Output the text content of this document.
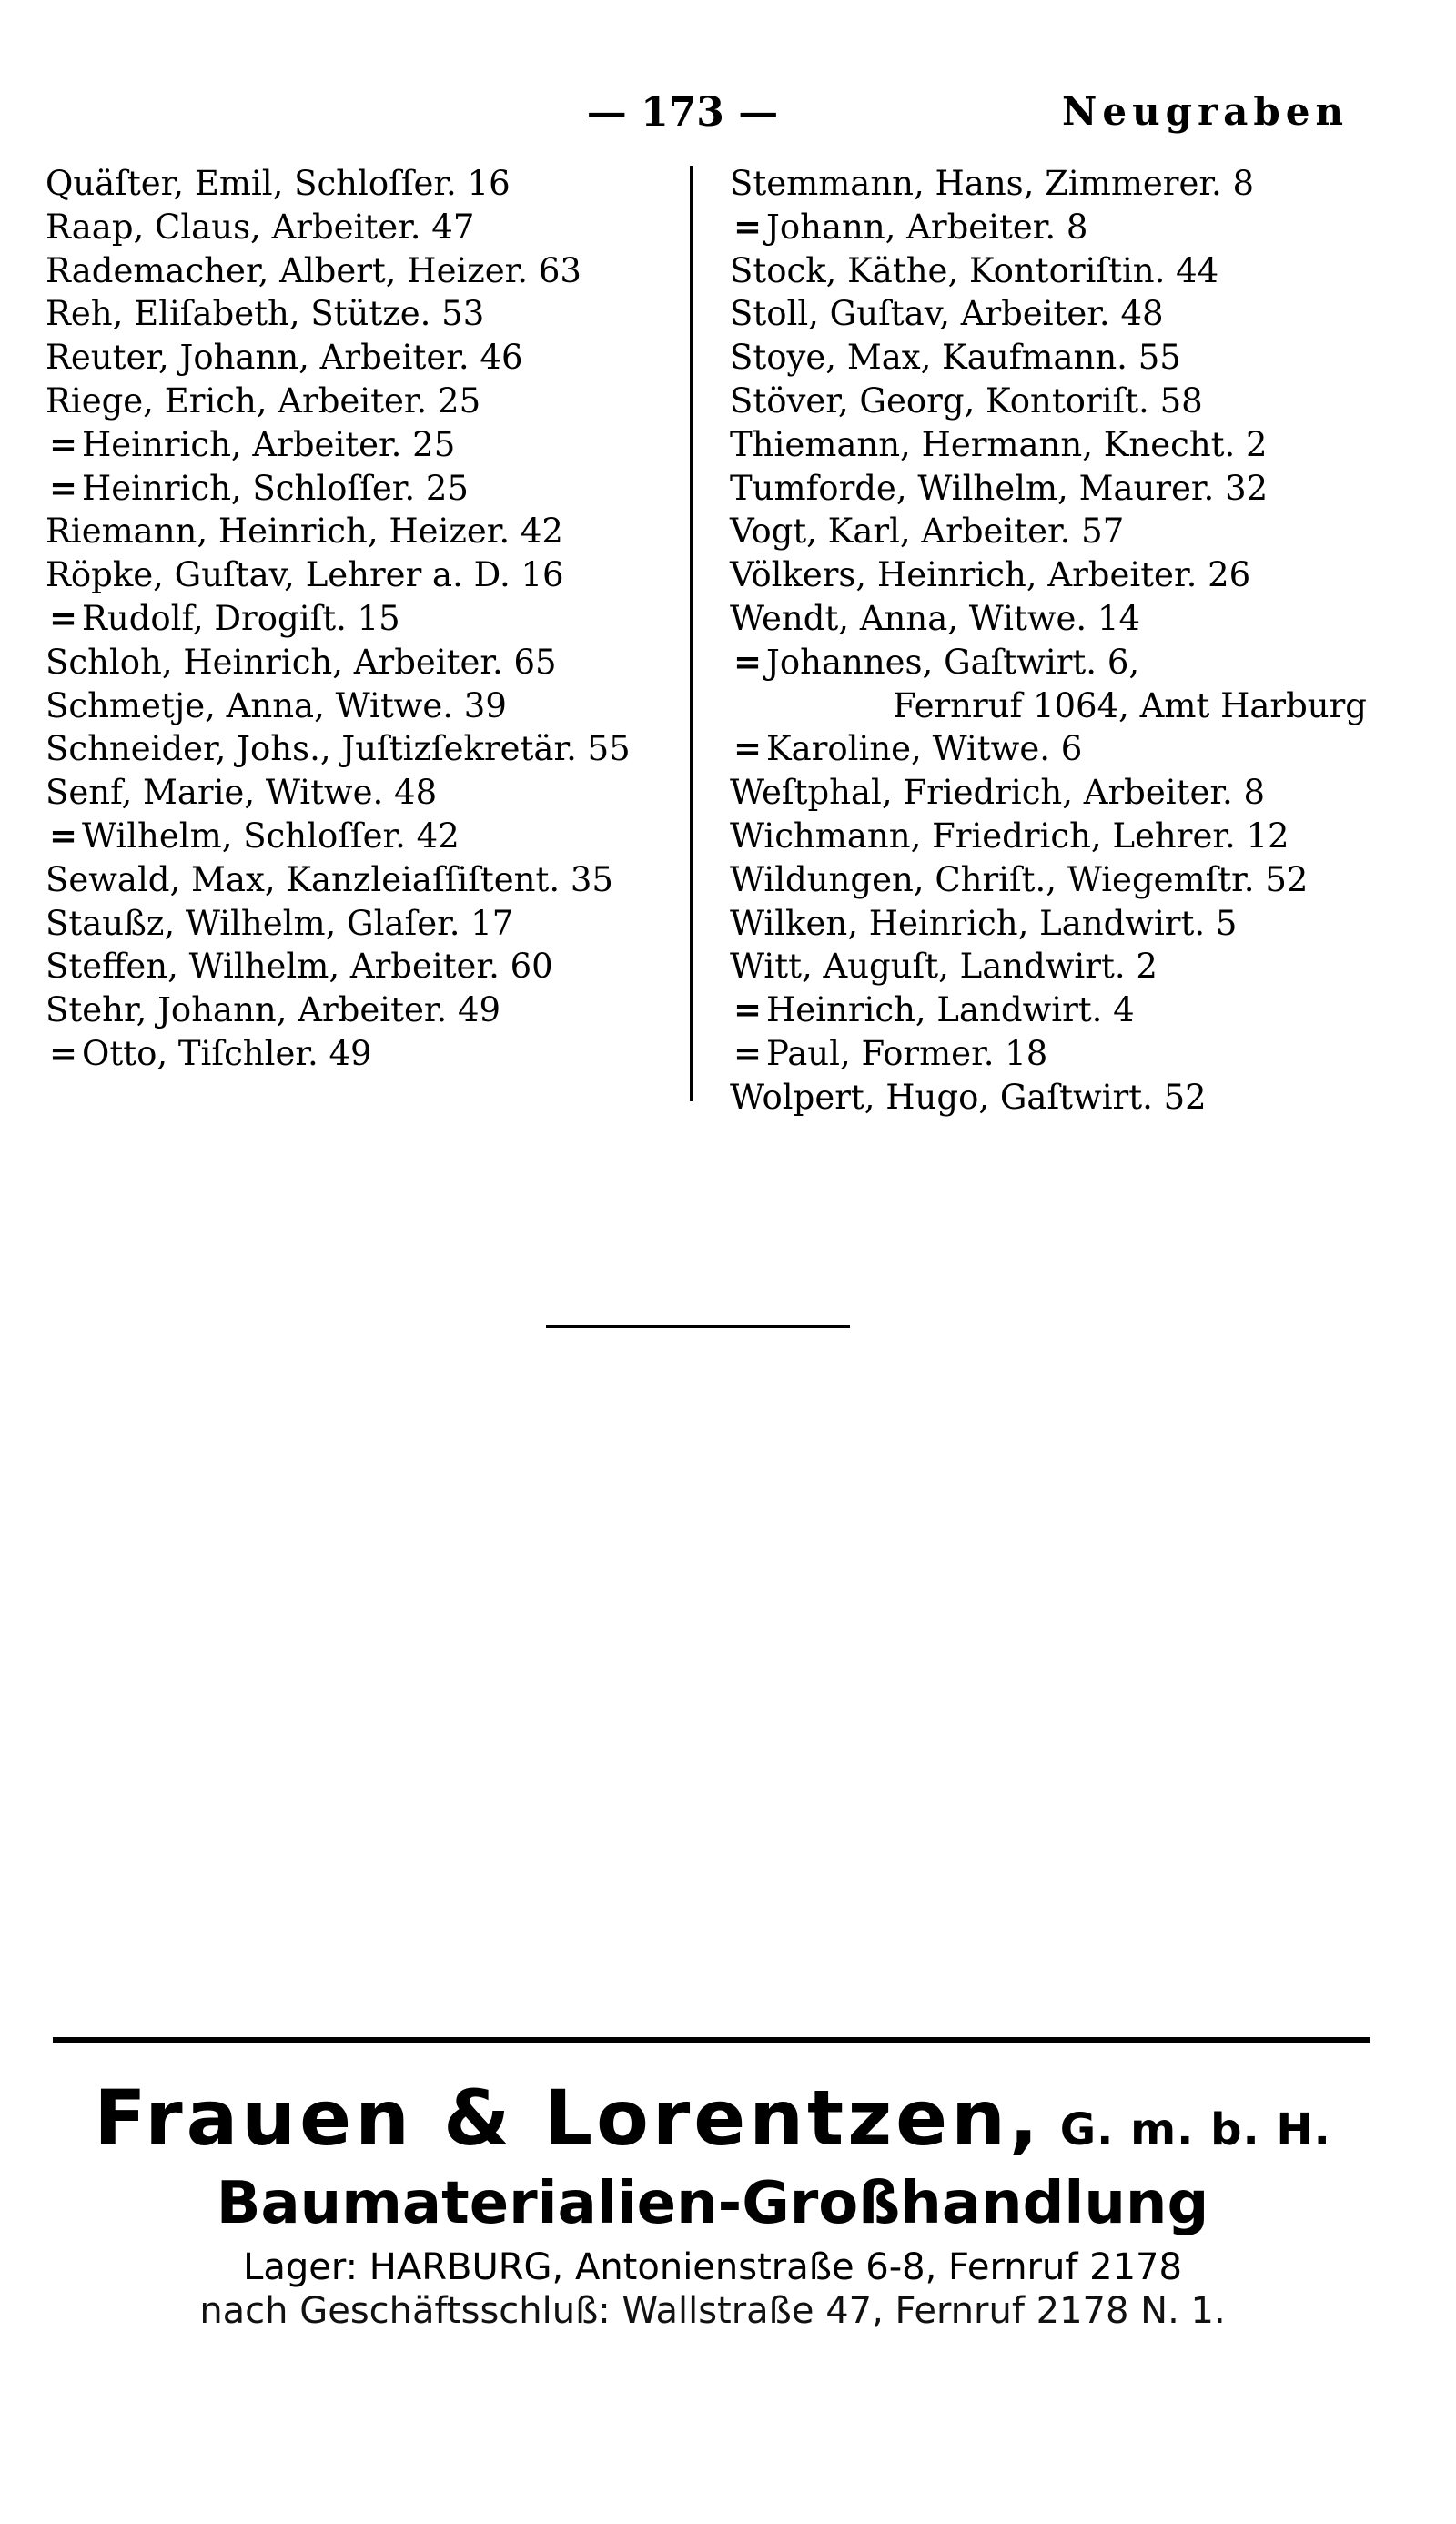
— 173 —	Neugraben
Quäſter, Emil, Schloſſer. 16
Raap, Claus, Arbeiter. 47
Rademacher, Albert, Heizer. 63
Reh, Eliſabeth, Stütze. 53
Reuter, Johann, Arbeiter. 46
Riege, Erich, Arbeiter. 25
= Heinrich, Arbeiter. 25
= Heinrich, Schloſſer. 25
Riemann, Heinrich, Heizer. 42
Röpke, Guſtav, Lehrer a. D. 16
= Rudolf, Drogiſt. 15
Schloh, Heinrich, Arbeiter. 65
Schmetje, Anna, Witwe. 39
Schneider, Johs., Juſtizſekretär. 55
Senf, Marie, Witwe. 48
= Wilhelm, Schloſſer. 42
Sewald, Max, Kanzleiaſſiſtent. 35
Staußz, Wilhelm, Glaſer. 17
Steffen, Wilhelm, Arbeiter. 60
Stehr, Johann, Arbeiter. 49
= Otto, Tiſchler. 49
Stemmann, Hans, Zimmerer. 8
= Johann, Arbeiter. 8
Stock, Käthe, Kontoriſtin. 44
Stoll, Guſtav, Arbeiter. 48
Stoye, Max, Kaufmann. 55
Stöver, Georg, Kontoriſt. 58
Thiemann, Hermann, Knecht. 2
Tumforde, Wilhelm, Maurer. 32
Vogt, Karl, Arbeiter. 57
Völkers, Heinrich, Arbeiter. 26
Wendt, Anna, Witwe. 14
= Johannes, Gaſtwirt. 6,
Fernruf 1064, Amt Harburg
= Karoline, Witwe. 6
Weſtphal, Friedrich, Arbeiter. 8
Wichmann, Friedrich, Lehrer. 12
Wildungen, Chriſt., Wiegemſtr. 52
Wilken, Heinrich, Landwirt. 5
Witt, Auguſt, Landwirt. 2
= Heinrich, Landwirt. 4
= Paul, Former. 18
Wolpert, Hugo, Gaſtwirt. 52
Frauen & Lorentzen, G. m. b. H.
Baumaterialien-Großhandlung
Lager: HARBURG, Antonienstraße 6-8, Fernruf 2178
nach Geschäftsschluß: Wallstraße 47, Fernruf 2178 N. 1.
